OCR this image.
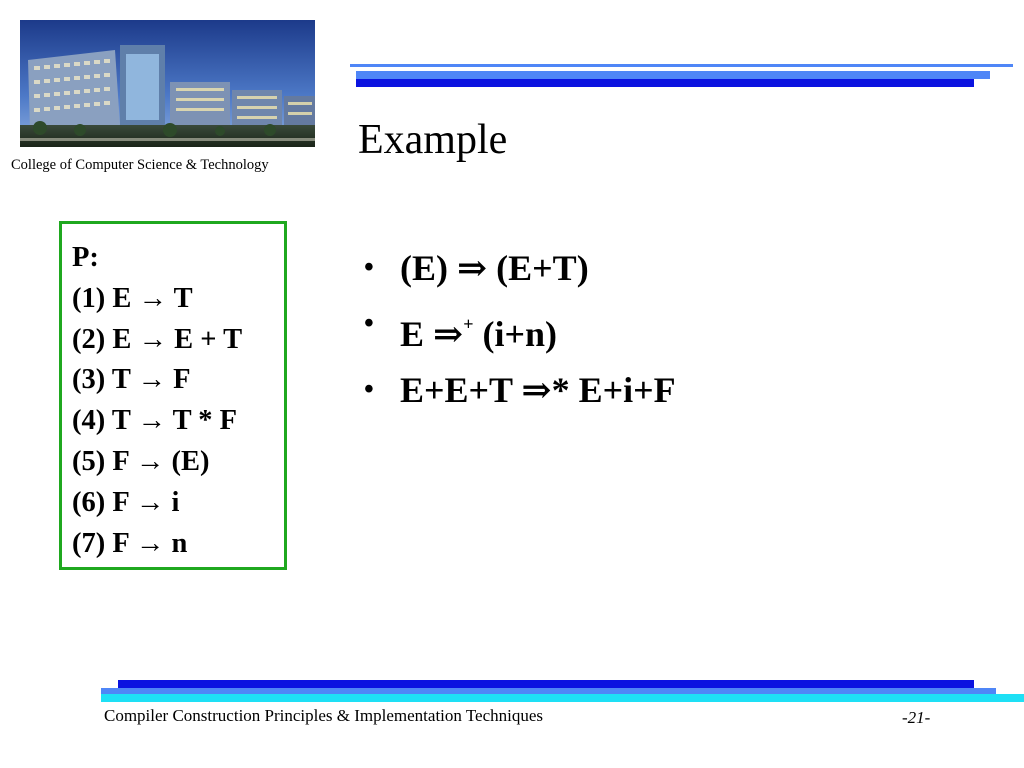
College of Computer Science & Technology
Example
P:
(1) E → T
(2) E → E + T
(3) T → F
(4) T → T * F
(5) F → (E)
(6) F → i
(7) F → n
• (E) ⇒ (E+T)
• E ⇒+ (i+n)
• E+E+T ⇒* E+i+F
Compiler Construction Principles & Implementation Techniques	-21-
